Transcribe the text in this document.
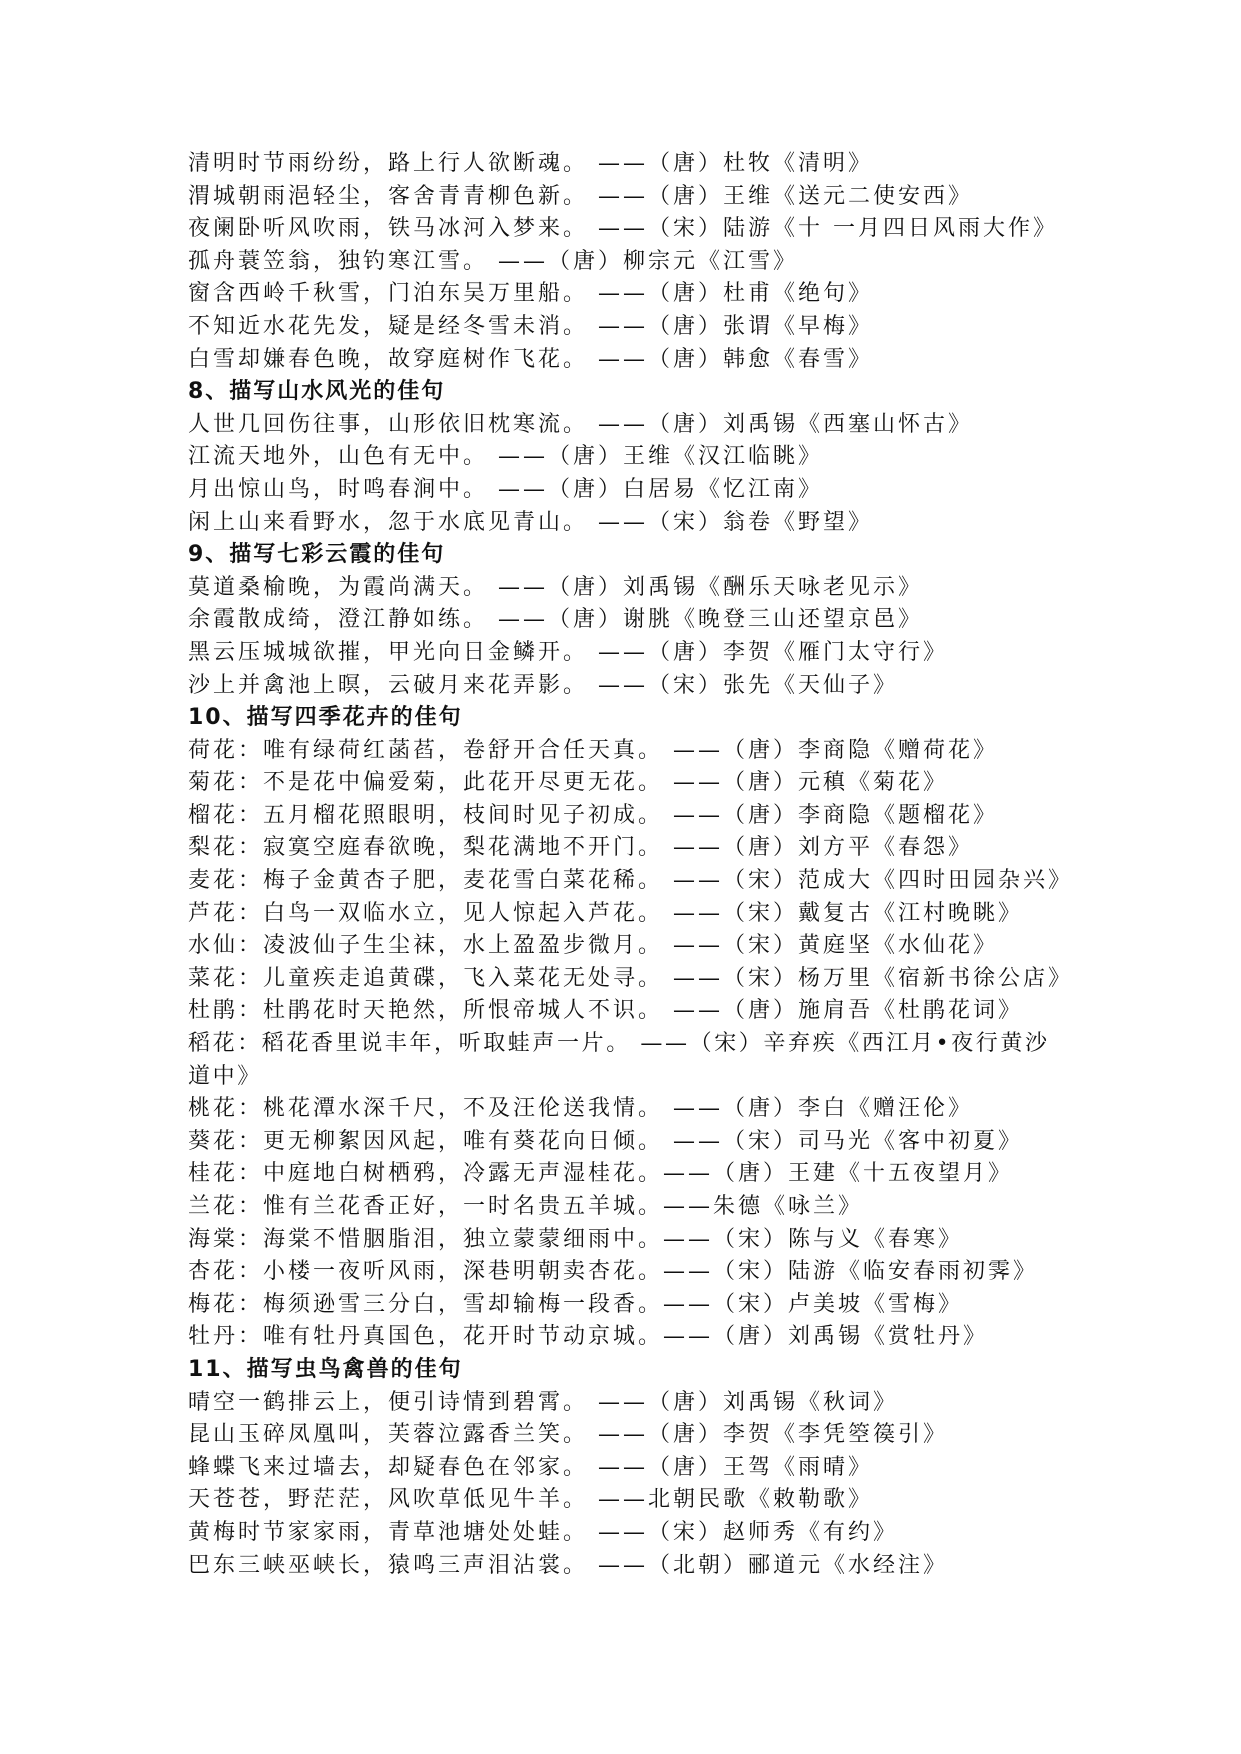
清明时节雨纷纷，路上行人欲断魂。 ——（唐）杜牧《清明》
渭城朝雨浥轻尘，客舍青青柳色新。 ——（唐）王维《送元二使安西》
夜阑卧听风吹雨，铁马冰河入梦来。 ——（宋）陆游《十 一月四日风雨大作》
孤舟蓑笠翁，独钓寒江雪。 ——（唐）柳宗元《江雪》
窗含西岭千秋雪，门泊东吴万里船。 ——（唐）杜甫《绝句》
不知近水花先发，疑是经冬雪未消。 ——（唐）张谓《早梅》
白雪却嫌春色晚，故穿庭树作飞花。 ——（唐）韩愈《春雪》
8、描写山水风光的佳句
人世几回伤往事，山形依旧枕寒流。 ——（唐）刘禹锡《西塞山怀古》
江流天地外，山色有无中。 ——（唐）王维《汉江临眺》
月出惊山鸟，时鸣春涧中。 ——（唐）白居易《忆江南》
闲上山来看野水，忽于水底见青山。 ——（宋）翁卷《野望》
9、描写七彩云霞的佳句
莫道桑榆晚，为霞尚满天。 ——（唐）刘禹锡《酬乐天咏老见示》
余霞散成绮，澄江静如练。 ——（唐）谢朓《晚登三山还望京邑》
黑云压城城欲摧，甲光向日金鳞开。 ——（唐）李贺《雁门太守行》
沙上并禽池上暝，云破月来花弄影。 ——（宋）张先《天仙子》
10、描写四季花卉的佳句
荷花：唯有绿荷红菡萏，卷舒开合任天真。 ——（唐）李商隐《赠荷花》
菊花：不是花中偏爱菊，此花开尽更无花。 ——（唐）元稹《菊花》
榴花：五月榴花照眼明，枝间时见子初成。 ——（唐）李商隐《题榴花》
梨花：寂寞空庭春欲晚，梨花满地不开门。 ——（唐）刘方平《春怨》
麦花：梅子金黄杏子肥，麦花雪白菜花稀。 ——（宋）范成大《四时田园杂兴》
芦花：白鸟一双临水立，见人惊起入芦花。 ——（宋）戴复古《江村晚眺》
水仙：凌波仙子生尘袜，水上盈盈步微月。 ——（宋）黄庭坚《水仙花》
菜花：儿童疾走追黄碟，飞入菜花无处寻。 ——（宋）杨万里《宿新书徐公店》
杜鹃：杜鹃花时天艳然，所恨帝城人不识。 ——（唐）施肩吾《杜鹃花词》
稻花：稻花香里说丰年，听取蛙声一片。 ——（宋）辛弃疾《西江月•夜行黄沙道中》
桃花：桃花潭水深千尺，不及汪伦送我情。 ——（唐）李白《赠汪伦》
葵花：更无柳絮因风起，唯有葵花向日倾。 ——（宋）司马光《客中初夏》
桂花：中庭地白树栖鸦，冷露无声湿桂花。——（唐）王建《十五夜望月》
兰花：惟有兰花香正好，一时名贵五羊城。——朱德《咏兰》
海棠：海棠不惜胭脂泪，独立蒙蒙细雨中。——（宋）陈与义《春寒》
杏花：小楼一夜听风雨，深巷明朝卖杏花。——（宋）陆游《临安春雨初霁》
梅花：梅须逊雪三分白，雪却输梅一段香。——（宋）卢美坡《雪梅》
牡丹：唯有牡丹真国色，花开时节动京城。——（唐）刘禹锡《赏牡丹》
11、描写虫鸟禽兽的佳句
晴空一鹤排云上，便引诗情到碧霄。 ——（唐）刘禹锡《秋词》
昆山玉碎凤凰叫，芙蓉泣露香兰笑。 ——（唐）李贺《李凭箜篌引》
蜂蝶飞来过墙去，却疑春色在邻家。 ——（唐）王驾《雨晴》
天苍苍，野茫茫，风吹草低见牛羊。 ——北朝民歌《敕勒歌》
黄梅时节家家雨，青草池塘处处蛙。 ——（宋）赵师秀《有约》
巴东三峡巫峡长，猿鸣三声泪沾裳。 ——（北朝）郦道元《水经注》
